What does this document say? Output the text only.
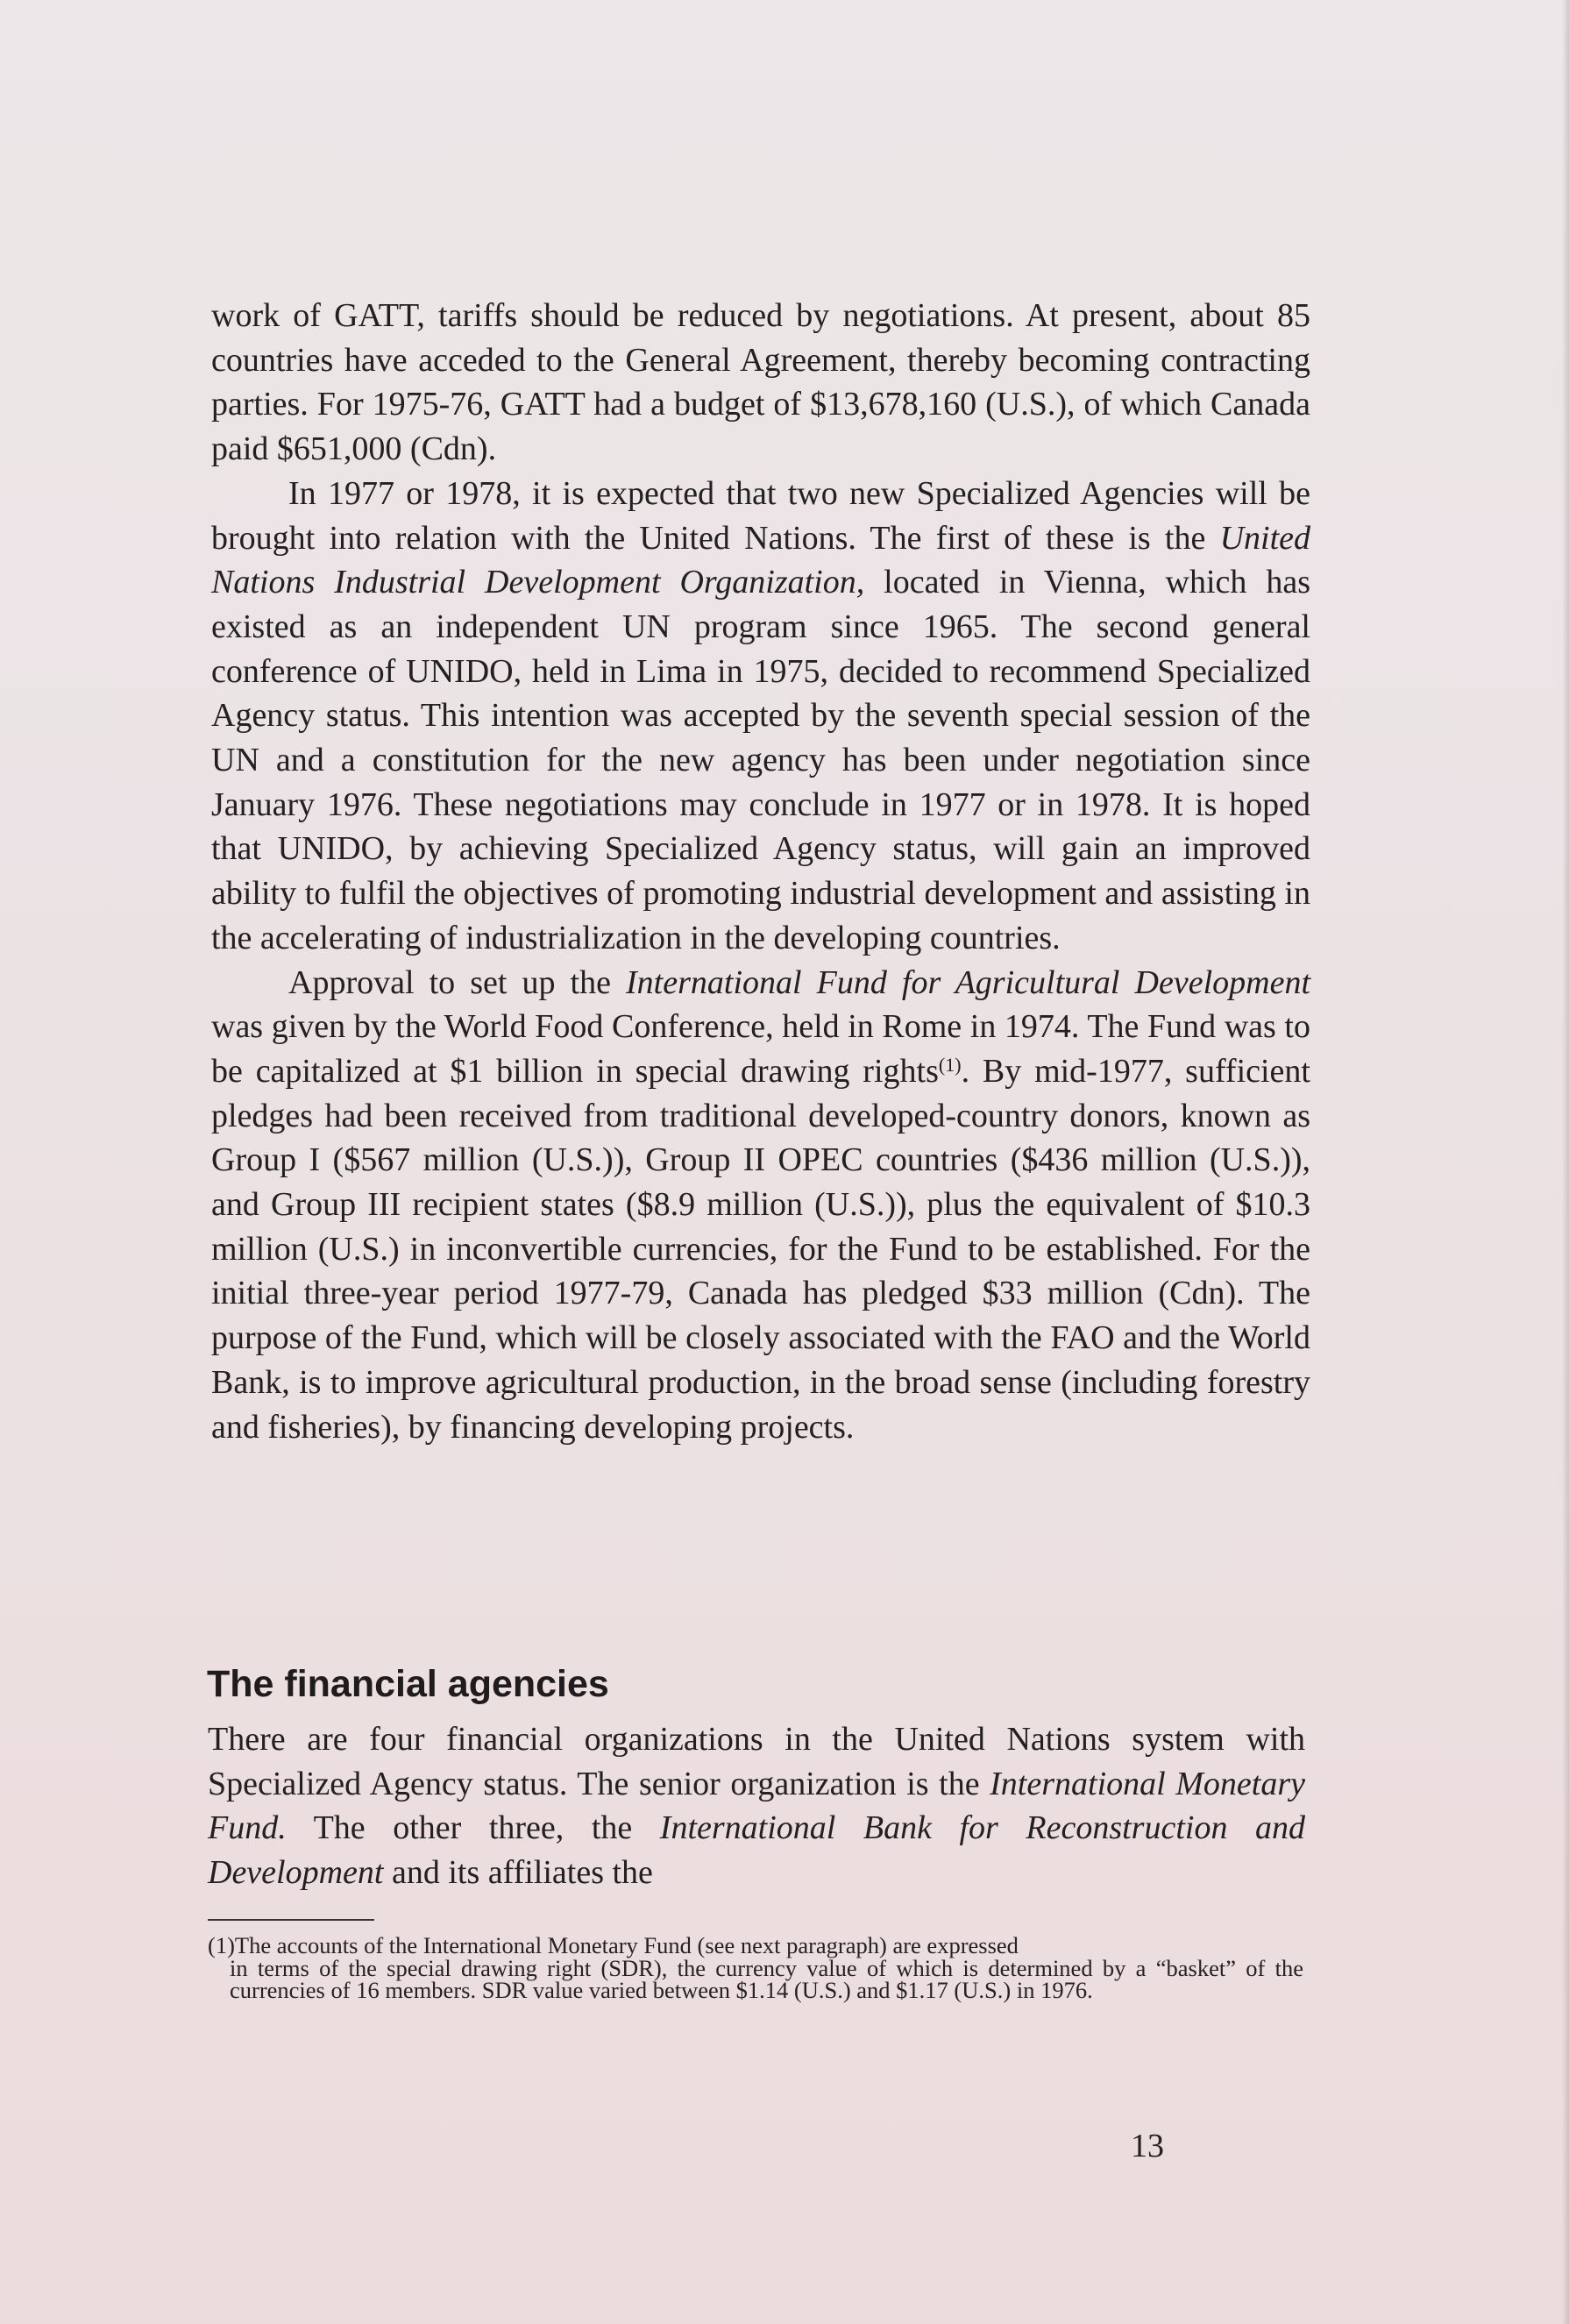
work of GATT, tariffs should be reduced by negotiations. At present, about 85 countries have acceded to the General Agreement, thereby becoming contracting parties. For 1975-76, GATT had a budget of $13,678,160 (U.S.), of which Canada paid $651,000 (Cdn).

In 1977 or 1978, it is expected that two new Specialized Agencies will be brought into relation with the United Nations. The first of these is the United Nations Industrial Development Organization, located in Vienna, which has existed as an independent UN program since 1965. The second general conference of UNIDO, held in Lima in 1975, decided to recommend Specialized Agency status. This intention was accepted by the seventh special session of the UN and a constitution for the new agency has been under negotiation since January 1976. These negotiations may conclude in 1977 or in 1978. It is hoped that UNIDO, by achieving Specialized Agency status, will gain an improved ability to fulfil the objectives of promoting industrial development and assisting in the accelerating of industrialization in the developing countries.

Approval to set up the International Fund for Agricultural Development was given by the World Food Conference, held in Rome in 1974. The Fund was to be capitalized at $1 billion in special drawing rights$^{(1)}$. By mid-1977, sufficient pledges had been received from traditional developed-country donors, known as Group I ($567 million (U.S.)), Group II OPEC countries ($436 million (U.S.)), and Group III recipient states ($8.9 million (U.S.)), plus the equivalent of $10.3 million (U.S.) in inconvertible currencies, for the Fund to be established. For the initial three-year period 1977-79, Canada has pledged $33 million (Cdn). The purpose of the Fund, which will be closely associated with the FAO and the World Bank, is to improve agricultural production, in the broad sense (including forestry and fisheries), by financing developing projects.

The financial agencies

There are four financial organizations in the United Nations system with Specialized Agency status. The senior organization is the International Monetary Fund. The other three, the International Bank for Reconstruction and Development and its affiliates the

(1)The accounts of the International Monetary Fund (see next paragraph) are expressed
in terms of the special drawing right (SDR), the currency value of which is determined by a “basket” of the currencies of 16 members. SDR value varied between $1.14 (U.S.) and $1.17 (U.S.) in 1976.

13
